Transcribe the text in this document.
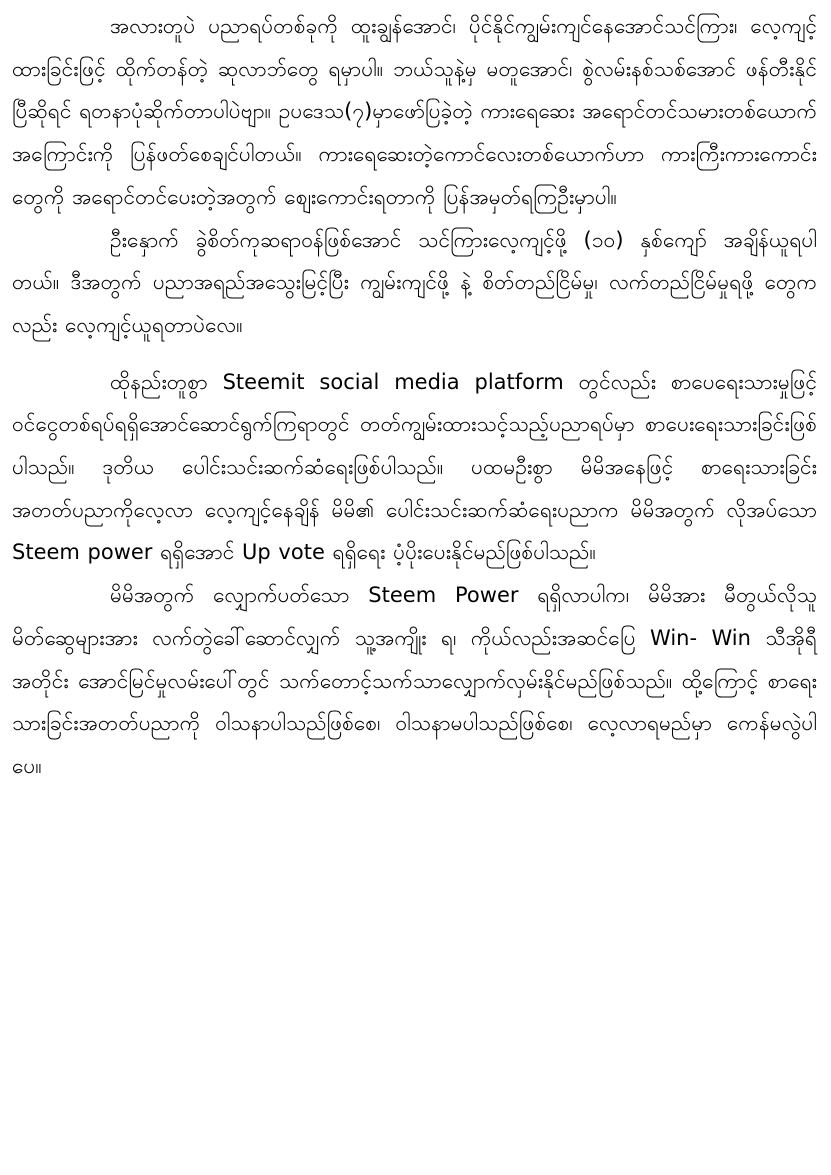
အလားတူပဲ ပညာရပ်တစ်ခုကို ထူးချွန်အောင်၊ ပိုင်နိုင်ကျွမ်းကျင်နေအောင်သင်ကြား၊ လေ့ကျင့်ထားခြင်းဖြင့် ထိုက်တန်တဲ့ ဆုလာဘ်တွေ ရမှာပါ။ ဘယ်သူနဲ့မှ မတူအောင်၊ စွဲလမ်းနစ်သစ်အောင် ဖန်တီးနိုင်ပြီဆိုရင် ရတနာပုံဆိုက်တာပါပဲဗျာ။ ဥပဒေသ(၇)မှာဖော်ပြခဲ့တဲ့ ကားရေဆေး အရောင်တင်သမားတစ်ယောက်အကြောင်းကို ပြန်ဖတ်စေချင်ပါတယ်။ ကားရေဆေးတဲ့ကောင်လေးတစ်ယောက်ဟာ ကားကြီးကားကောင်းတွေကို အရောင်တင်ပေးတဲ့အတွက် စျေးကောင်းရတာကို ပြန်အမှတ်ရကြဦးမှာပါ။

ဦးနှောက် ခွဲစိတ်ကုဆရာဝန်ဖြစ်အောင် သင်ကြားလေ့ကျင့်ဖို့ (၁၀) နှစ်ကျော် အချိန်ယူရပါတယ်။ ဒီအတွက် ပညာအရည်အသွေးမြင့်ပြီး ကျွမ်းကျင်ဖို့ နဲ့ စိတ်တည်ငြိမ်မှု၊ လက်တည်ငြိမ်မှုရဖို့ တွေကလည်း လေ့ကျင့်ယူရတာပဲလေ။

ထိုနည်းတူစွာ Steemit social media platform တွင်လည်း စာပေရေးသားမှုဖြင့် ဝင်ငွေတစ်ရပ်ရရှိအောင်ဆောင်ရွက်ကြရာတွင် တတ်ကျွမ်းထားသင့်သည့်ပညာရပ်မှာ စာပေးရေးသားခြင်းဖြစ်ပါသည်။ ဒုတိယ ပေါင်းသင်းဆက်ဆံရေးဖြစ်ပါသည်။ ပထမဦးစွာ မိမိအနေဖြင့် စာရေးသားခြင်း အတတ်ပညာကိုလေ့လာ လေ့ကျင့်နေချိန် မိမိ၏ ပေါင်းသင်းဆက်ဆံရေးပညာက မိမိအတွက် လိုအပ်သော Steem power ရရှိအောင် Up vote ရရှိရေး ပံ့ပိုးပေးနိုင်မည်ဖြစ်ပါသည်။

မိမိအတွက် လျှောက်ပတ်သော Steem Power ရရှိလာပါက၊ မိမိအား မီတွယ်လိုသူ မိတ်ဆွေများအား လက်တွဲခေါ်ဆောင်လျှက် သူ့အကျိုး ရ၊ ကိုယ်လည်းအဆင်ပြေ Win- Win သီအိုရီအတိုင်း အောင်မြင်မှုလမ်းပေါ်တွင် သက်တောင့်သက်သာလျှောက်လှမ်းနိုင်မည်ဖြစ်သည်။ ထို့ကြောင့် စာရေးသားခြင်းအတတ်ပညာကို ဝါသနာပါသည်ဖြစ်စေ၊ ဝါသနာမပါသည်ဖြစ်စေ၊ လေ့လာရမည်မှာ ကေန်မလွဲပါပေ။
